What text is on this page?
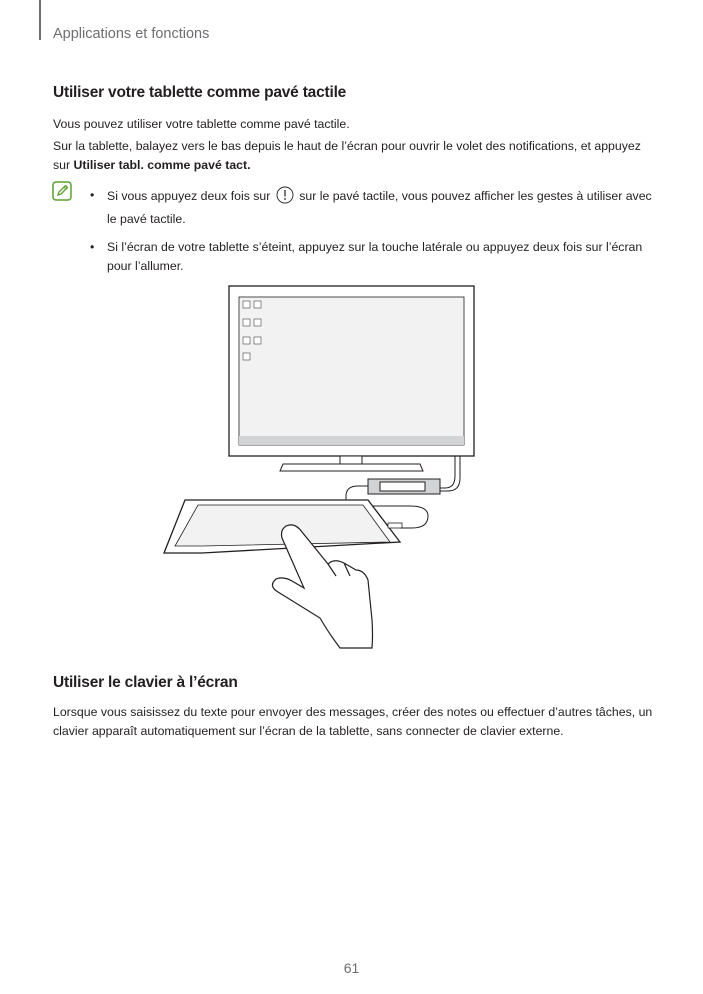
Applications et fonctions
Utiliser votre tablette comme pavé tactile

Vous pouvez utiliser votre tablette comme pavé tactile.

Sur la tablette, balayez vers le bas depuis le haut de l’écran pour ouvrir le volet des notifications, et appuyez sur Utiliser tabl. comme pavé tact.

• Si vous appuyez deux fois sur  sur le pavé tactile, vous pouvez afficher les gestes à utiliser avec le pavé tactile.
• Si l’écran de votre tablette s’éteint, appuyez sur la touche latérale ou appuyez deux fois sur l’écran pour l’allumer.
Utiliser le clavier à l’écran

Lorsque vous saisissez du texte pour envoyer des messages, créer des notes ou effectuer d’autres tâches, un clavier apparaît automatiquement sur l’écran de la tablette, sans connecter de clavier externe.

61
